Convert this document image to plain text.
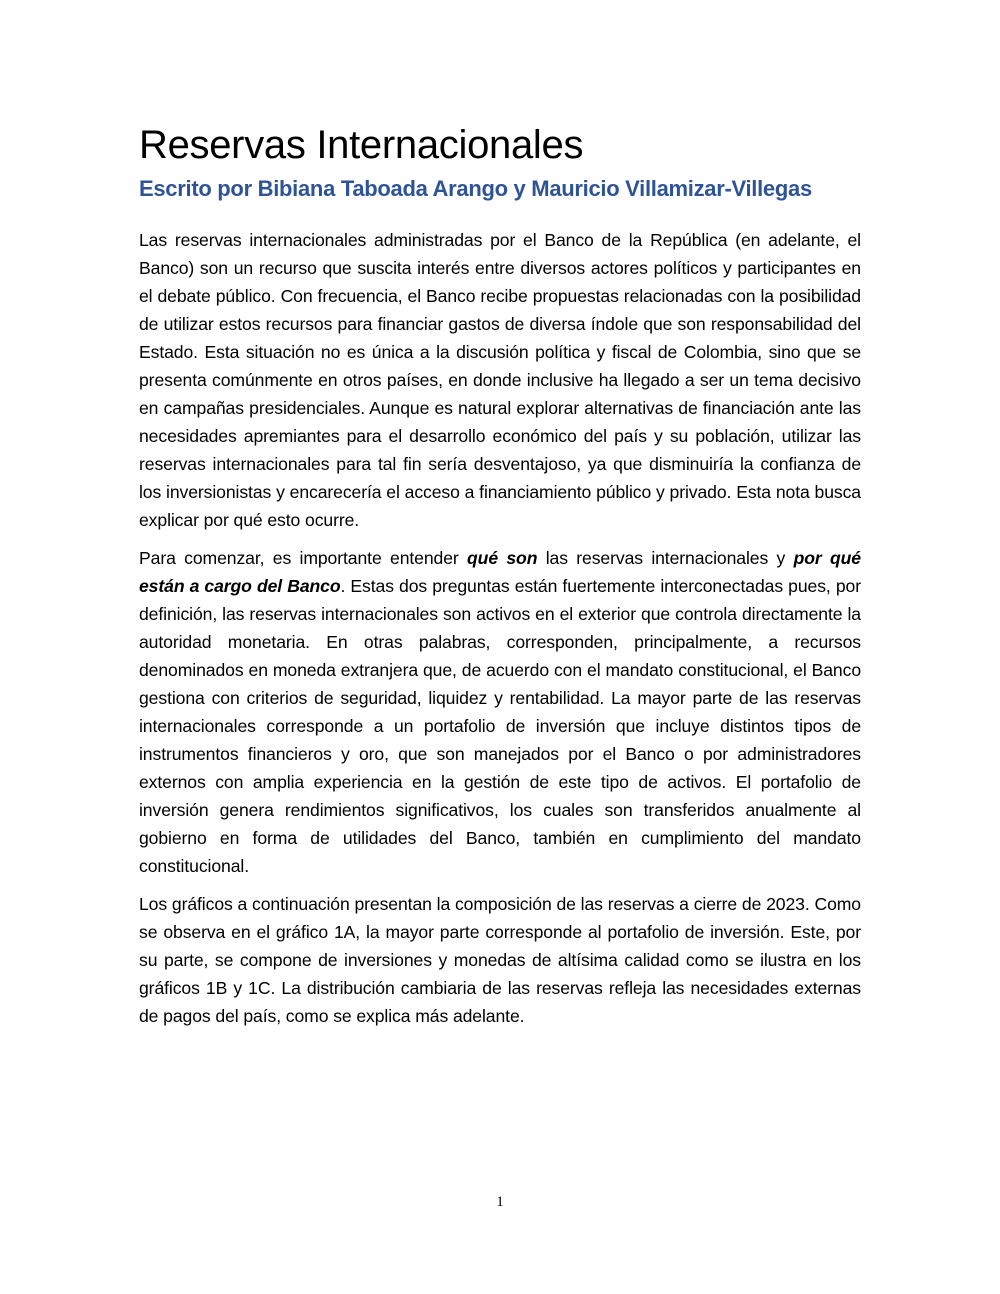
Reservas Internacionales
Escrito por Bibiana Taboada Arango y Mauricio Villamizar-Villegas

Las reservas internacionales administradas por el Banco de la República (en adelante, el Banco) son un recurso que suscita interés entre diversos actores políticos y participantes en el debate público. Con frecuencia, el Banco recibe propuestas relacionadas con la posibilidad de utilizar estos recursos para financiar gastos de diversa índole que son responsabilidad del Estado. Esta situación no es única a la discusión política y fiscal de Colombia, sino que se presenta comúnmente en otros países, en donde inclusive ha llegado a ser un tema decisivo en campañas presidenciales. Aunque es natural explorar alternativas de financiación ante las necesidades apremiantes para el desarrollo económico del país y su población, utilizar las reservas internacionales para tal fin sería desventajoso, ya que disminuiría la confianza de los inversionistas y encarecería el acceso a financiamiento público y privado. Esta nota busca explicar por qué esto ocurre.

Para comenzar, es importante entender qué son las reservas internacionales y por qué están a cargo del Banco. Estas dos preguntas están fuertemente interconectadas pues, por definición, las reservas internacionales son activos en el exterior que controla directamente la autoridad monetaria. En otras palabras, corresponden, principalmente, a recursos denominados en moneda extranjera que, de acuerdo con el mandato constitucional, el Banco gestiona con criterios de seguridad, liquidez y rentabilidad. La mayor parte de las reservas internacionales corresponde a un portafolio de inversión que incluye distintos tipos de instrumentos financieros y oro, que son manejados por el Banco o por administradores externos con amplia experiencia en la gestión de este tipo de activos. El portafolio de inversión genera rendimientos significativos, los cuales son transferidos anualmente al gobierno en forma de utilidades del Banco, también en cumplimiento del mandato constitucional.

Los gráficos a continuación presentan la composición de las reservas a cierre de 2023. Como se observa en el gráfico 1A, la mayor parte corresponde al portafolio de inversión. Este, por su parte, se compone de inversiones y monedas de altísima calidad como se ilustra en los gráficos 1B y 1C. La distribución cambiaria de las reservas refleja las necesidades externas de pagos del país, como se explica más adelante.

1
